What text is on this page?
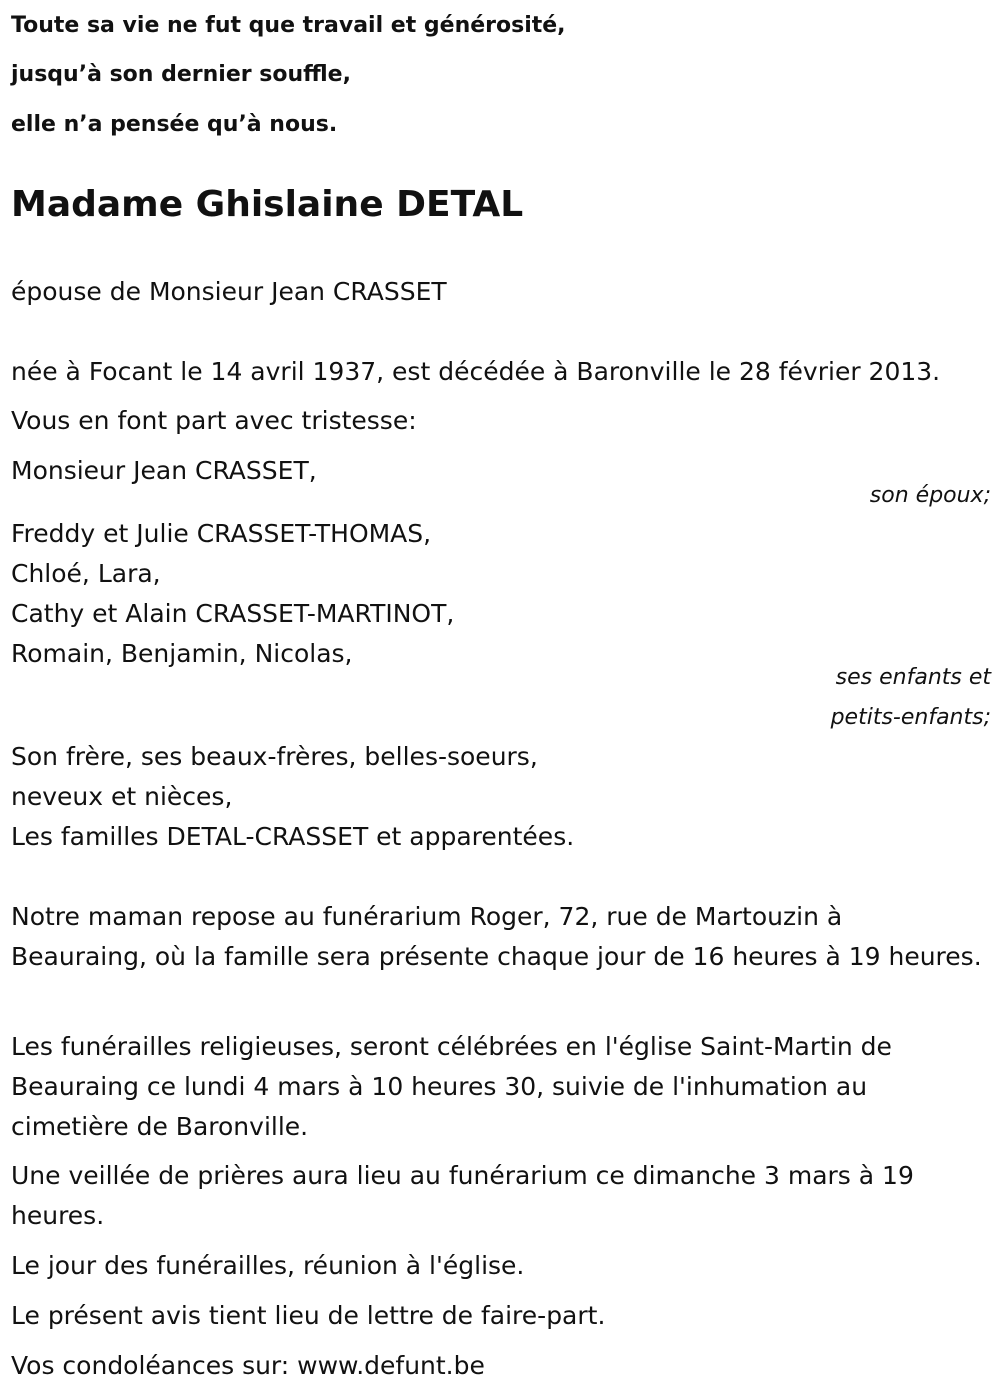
Toute sa vie ne fut que travail et générosité,
jusqu’à son dernier souffle,
elle n’a pensée qu’à nous.
Madame Ghislaine DETAL
épouse de Monsieur Jean CRASSET
née à Focant le 14 avril 1937, est décédée à Baronville le 28 février 2013.
Vous en font part avec tristesse:
Monsieur Jean CRASSET,
son époux;
Freddy et Julie CRASSET-THOMAS,
Chloé, Lara,
Cathy et Alain CRASSET-MARTINOT,
Romain, Benjamin, Nicolas,
ses enfants et
petits-enfants;
Son frère, ses beaux-frères, belles-soeurs,
neveux et nièces,
Les familles DETAL-CRASSET et apparentées.
Notre maman repose au funérarium Roger, 72, rue de Martouzin à Beauraing, où la famille sera présente chaque jour de 16 heures à 19 heures.
Les funérailles religieuses, seront célébrées en l'église Saint-Martin de Beauraing ce lundi 4 mars à 10 heures 30, suivie de l'inhumation au cimetière de Baronville.
Une veillée de prières aura lieu au funérarium ce dimanche 3 mars à 19 heures.
Le jour des funérailles, réunion à l'église.
Le présent avis tient lieu de lettre de faire-part.
Vos condoléances sur: www.defunt.be
